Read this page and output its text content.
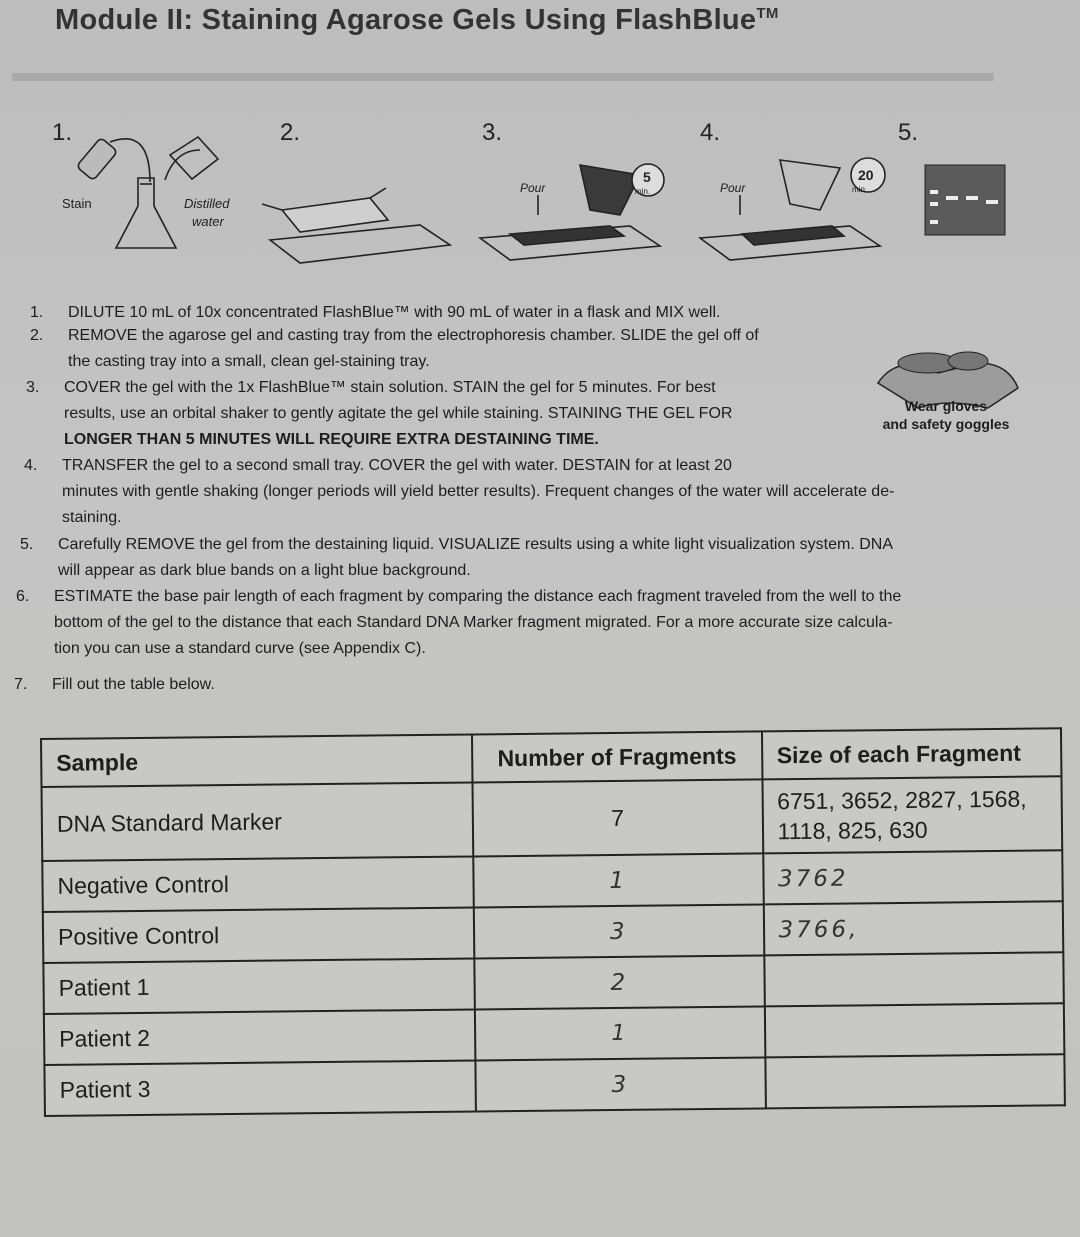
Module II: Staining Agarose Gels Using FlashBlue™
1.	2.	3.	4.	5.
Stain	Distilled
water
5
min.
Pour
20
min.
Pour
Wear gloves
and safety goggles
1.	DILUTE 10 mL of 10x concentrated FlashBlue™ with 90 mL of water in a flask and MIX well.
2.	REMOVE the agarose gel and casting tray from the electrophoresis chamber. SLIDE the gel off of
the casting tray into a small, clean gel-staining tray.
3.	COVER the gel with the 1x FlashBlue™ stain solution. STAIN the gel for 5 minutes. For best
results, use an orbital shaker to gently agitate the gel while staining. STAINING THE GEL FOR
LONGER THAN 5 MINUTES WILL REQUIRE EXTRA DESTAINING TIME.
4.	TRANSFER the gel to a second small tray. COVER the gel with water. DESTAIN for at least 20
minutes with gentle shaking (longer periods will yield better results). Frequent changes of the water will accelerate de-
staining.
5.	Carefully REMOVE the gel from the destaining liquid. VISUALIZE results using a white light visualization system. DNA
will appear as dark blue bands on a light blue background.
6.	ESTIMATE the base pair length of each fragment by comparing the distance each fragment traveled from the well to the
bottom of the gel to the distance that each Standard DNA Marker fragment migrated. For a more accurate size calcula-
tion you can use a standard curve (see Appendix C).
7.	Fill out the table below.
Sample	Number of Fragments	Size of each Fragment
DNA Standard Marker	7	6751, 3652, 2827, 1568,
1118, 825, 630

Negative Control	1	3762
Positive Control	3	3766,
Patient 1	2	
Patient 2	1	
Patient 3	3	
